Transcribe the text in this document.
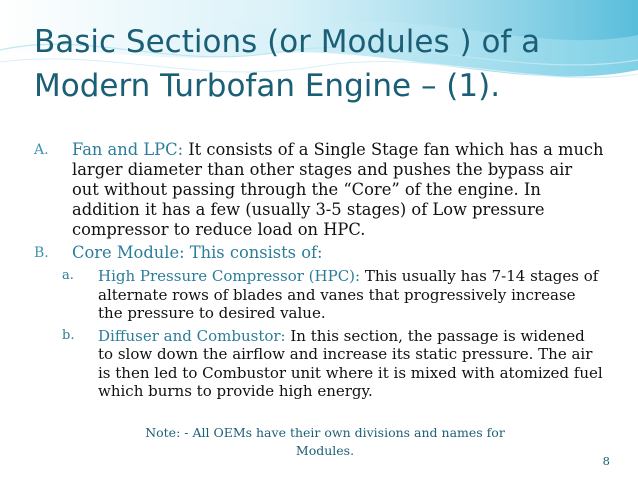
Basic Sections (or Modules ) of a Modern Turbofan Engine – (1).
A.	Fan and LPC: It consists of a Single Stage fan which has a much larger diameter than other stages and pushes the bypass air out without passing through the “Core” of the engine. In addition it has a few (usually 3-5 stages) of Low pressure compressor to reduce load on HPC.
B.	Core Module: This consists of:
a.	High Pressure Compressor (HPC): This usually has 7-14 stages of alternate rows of blades and vanes that progressively increase the pressure to desired value.
b.	Diffuser and Combustor: In this section, the passage is widened to slow down the airflow and increase its static pressure. The air is then led to Combustor unit where it is mixed with atomized fuel which burns to provide high energy.
Note: - All OEMs have their own divisions and names for Modules.
8
